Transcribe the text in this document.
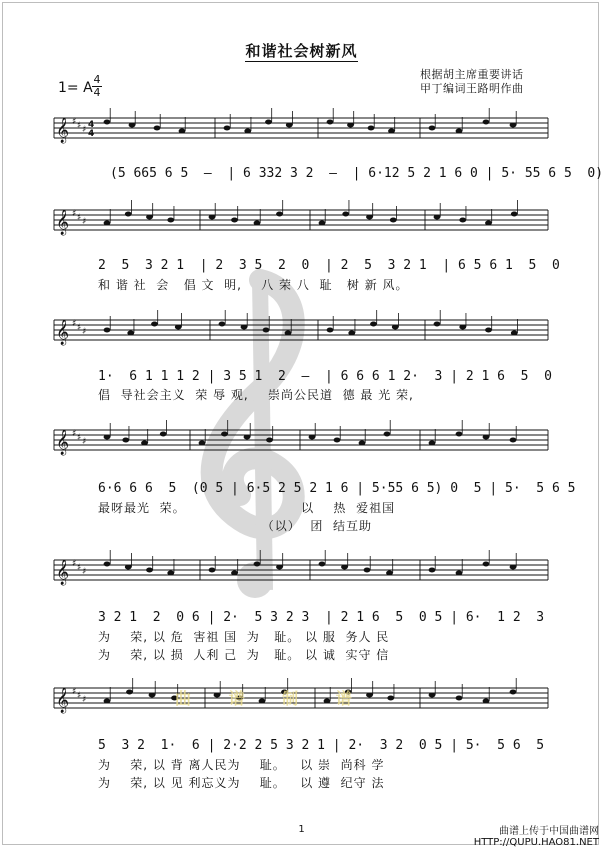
和谐社会树新风
1= A
4
4
根据胡主席重要讲话
甲丁编词王路明作曲
𝄞 ♯ ♯ ♯
𝄞 ♯ ♯ ♯
𝄞 ♯ ♯ ♯
𝄞 ♯ ♯ ♯
𝄞 ♯ ♯ ♯
𝄞 ♯ ♯ ♯
4
4
(5 665 6 5  —  | 6 332 3 2  —  | 6·12 5 2 1 6 0 | 5· 55 6 5  0)
2  5  3 2 1  | 2  3 5  2  0  | 2  5  3 2 1  | 6 5 6 1  5  0
和 谐 社  会   倡 文  明,    八 荣 八  耻   树 新 风。
1·  6 1 1 1 2 | 3 5 1  2  —  | 6 6 6 1 2·  3 | 2 1 6  5  0
倡  导社会主义  荣 辱 观,    崇尚公民道  德 最 光 荣,
6·6 6 6  5  (0 5 | 6·5 2 5 2 1 6 | 5·55 6 5) 0  5 | 5·  5 6 5
最呀最光  荣。                        以    热  爱祖国
（以）  团  结互助
3 2 1  2  0 6 | 2·  5 3 2 3  | 2 1 6  5  0 5 | 6·  1 2  3
为    荣, 以 危  害祖 国  为   耻。 以 服  务人 民
为    荣, 以 损  人利 己  为   耻。 以 诚  实守 信
5  3 2  1·  6 | 2·2 2 5 3 2 1 | 2·  3 2  0 5 | 5·  5 6  5
为    荣, 以 背 离人民为    耻。   以 崇  尚科 学
为    荣, 以 见 利忘义为    耻。   以 遵  纪守 法
曲 谱 制 谱
1	曲谱上传于中国曲谱网
HTTP://QUPU.HAO81.NET
